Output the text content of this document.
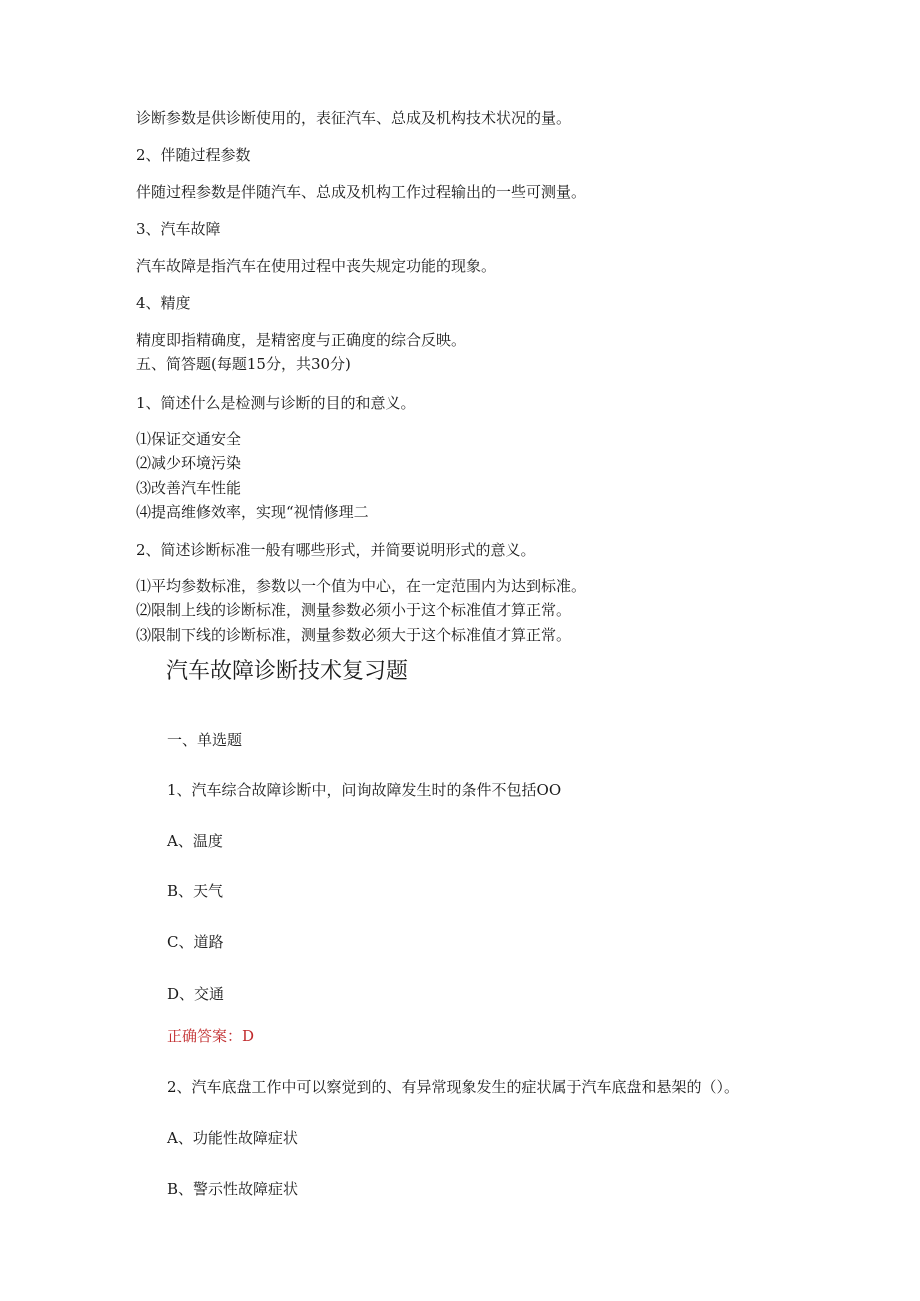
诊断参数是供诊断使用的，表征汽车、总成及机构技术状况的量。
2、伴随过程参数
伴随过程参数是伴随汽车、总成及机构工作过程输出的一些可测量。
3、汽车故障
汽车故障是指汽车在使用过程中丧失规定功能的现象。
4、精度
精度即指精确度，是精密度与正确度的综合反映。
五、简答题(每题15分，共30分)
1、简述什么是检测与诊断的目的和意义。
⑴保证交通安全
⑵减少环境污染
⑶改善汽车性能
⑷提高维修效率，实现“视情修理二
2、简述诊断标准一般有哪些形式，并简要说明形式的意义。
⑴平均参数标准，参数以一个值为中心，在一定范围内为达到标准。
⑵限制上线的诊断标准，测量参数必须小于这个标准值才算正常。
⑶限制下线的诊断标准，测量参数必须大于这个标准值才算正常。
汽车故障诊断技术复习题
一、单选题
1、汽车综合故障诊断中，问询故障发生时的条件不包括OO
A、温度
B、天气
C、道路
D、交通
正确答案：D
2、汽车底盘工作中可以察觉到的、有异常现象发生的症状属于汽车底盘和悬架的（）。
A、功能性故障症状
B、警示性故障症状
